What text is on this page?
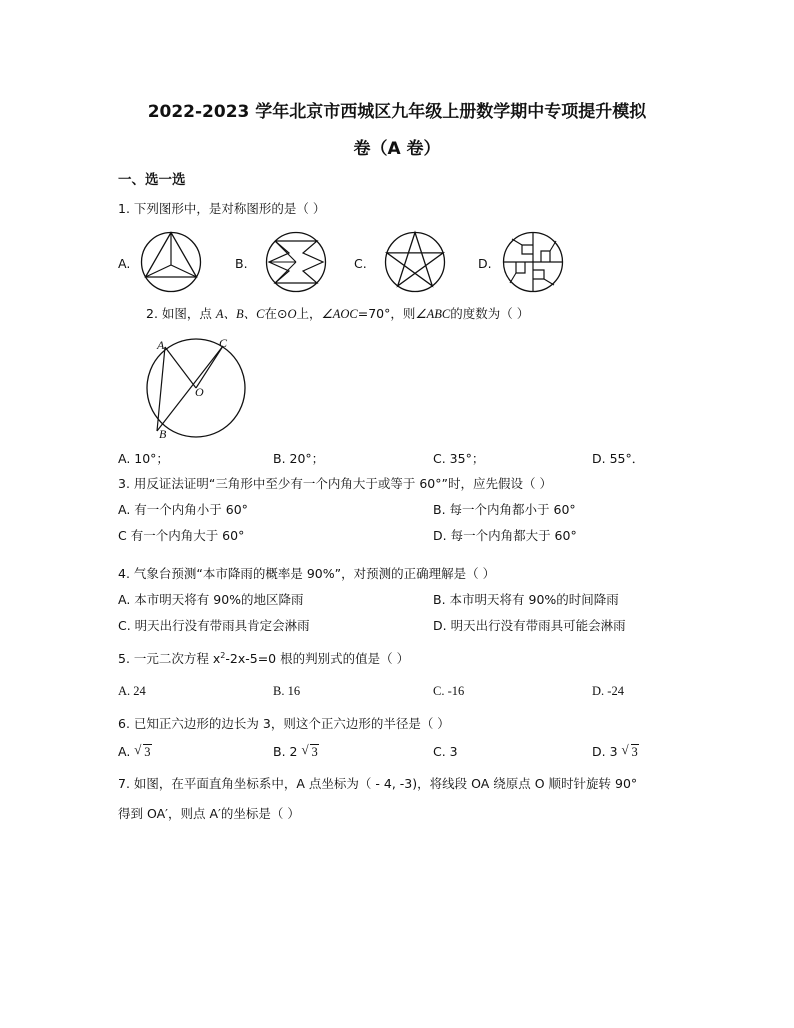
2022-2023 学年北京市西城区九年级上册数学期中专项提升模拟
卷（A 卷）
一、选一选
1. 下列图形中，是对称图形的是（ ）
A.	B.	C.	D.
2. 如图，点 A、B、C在⊙O上，∠AOC=70°，则∠ABC的度数为（ ）
A	C
O
B
A. 10°；	B. 20°；	C. 35°；	D. 55°．
3. 用反证法证明“三角形中至少有一个内角大于或等于 60°”时，应先假设（ ）
A. 有一个内角小于 60°	B. 每一个内角都小于 60°
C 有一个内角大于 60°	D. 每一个内角都大于 60°
4. 气象台预测“本市降雨的概率是 90%”，对预测的正确理解是（ ）
A. 本市明天将有 90%的地区降雨	B. 本市明天将有 90%的时间降雨
C. 明天出行没有带雨具肯定会淋雨	D. 明天出行没有带雨具可能会淋雨
5. 一元二次方程 $x^2-2x-5=0$ 根的判别式的值是（ ）
A. 24	B. 16	C. -16	D. -24
6. 已知正六边形的边长为 3，则这个正六边形的半径是（ ）
A. √ 3	B. 2 √ 3	C. 3	D. 3 √ 3
7. 如图，在平面直角坐标系中，A 点坐标为（ - 4, -3)，将线段 OA 绕原点 O 顺时针旋转 90°
得到 OA′，则点 A′的坐标是（ ）
